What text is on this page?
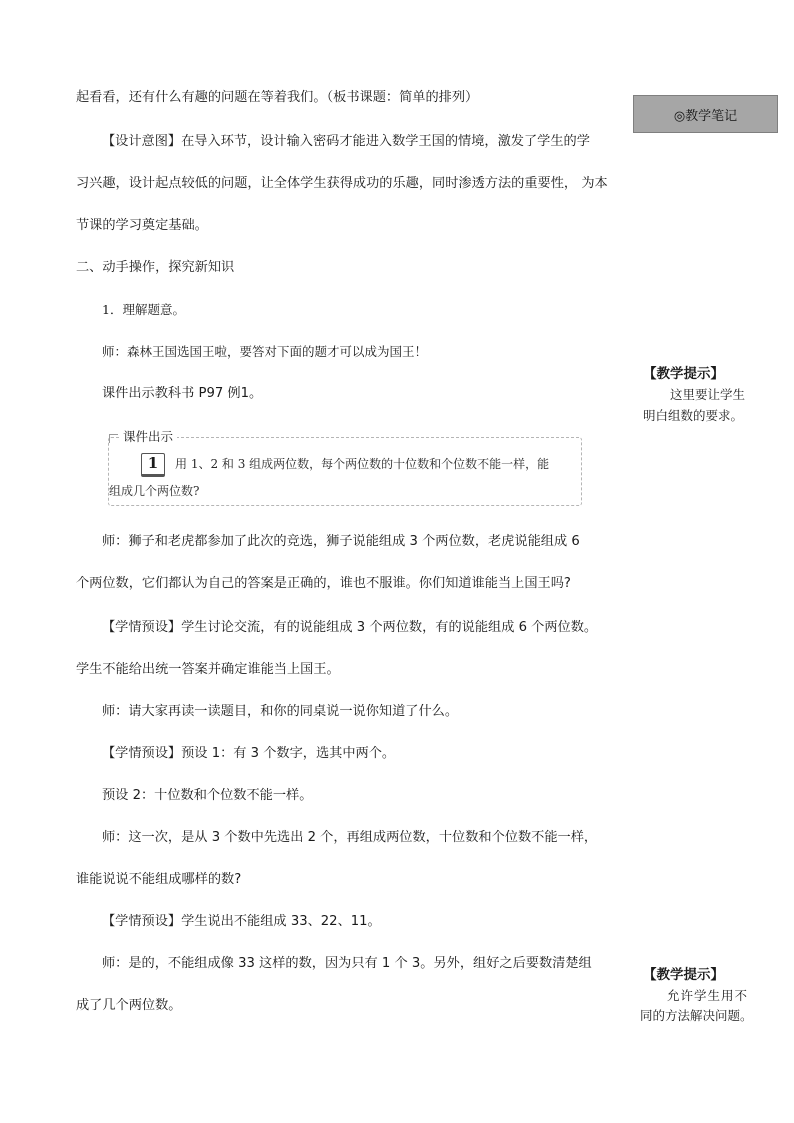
起看看，还有什么有趣的问题在等着我们。（板书课题：简单的排列）
【设计意图】在导入环节，设计输入密码才能进入数学王国的情境，激发了学生的学
习兴趣，设计起点较低的问题，让全体学生获得成功的乐趣，同时渗透方法的重要性， 为本
节课的学习奠定基础。
二、动手操作，探究新知识
1．理解题意。
师：森林王国选国王啦，要答对下面的题才可以成为国王！
课件出示教科书 P97 例1。
课件出示
1	用 1、2 和 3 组成两位数，每个两位数的十位数和个位数不能一样，能
组成几个两位数?
师：狮子和老虎都参加了此次的竞选，狮子说能组成 3 个两位数，老虎说能组成 6
个两位数，它们都认为自己的答案是正确的，谁也不服谁。你们知道谁能当上国王吗?
【学情预设】学生讨论交流，有的说能组成 3 个两位数，有的说能组成 6 个两位数。
学生不能给出统一答案并确定谁能当上国王。
师：请大家再读一读题目，和你的同桌说一说你知道了什么。
【学情预设】预设 1：有 3 个数字，选其中两个。
预设 2：十位数和个位数不能一样。
师：这一次，是从 3 个数中先选出 2 个，再组成两位数，十位数和个位数不能一样，
谁能说说不能组成哪样的数?
【学情预设】学生说出不能组成 33、22、11。
师：是的，不能组成像 33 这样的数，因为只有 1 个 3。另外，组好之后要数清楚组
成了几个两位数。
◎教学笔记
【教学提示】
这里要让学生
明白组数的要求。
【教学提示】
允许学生用不
同的方法解决问题。
